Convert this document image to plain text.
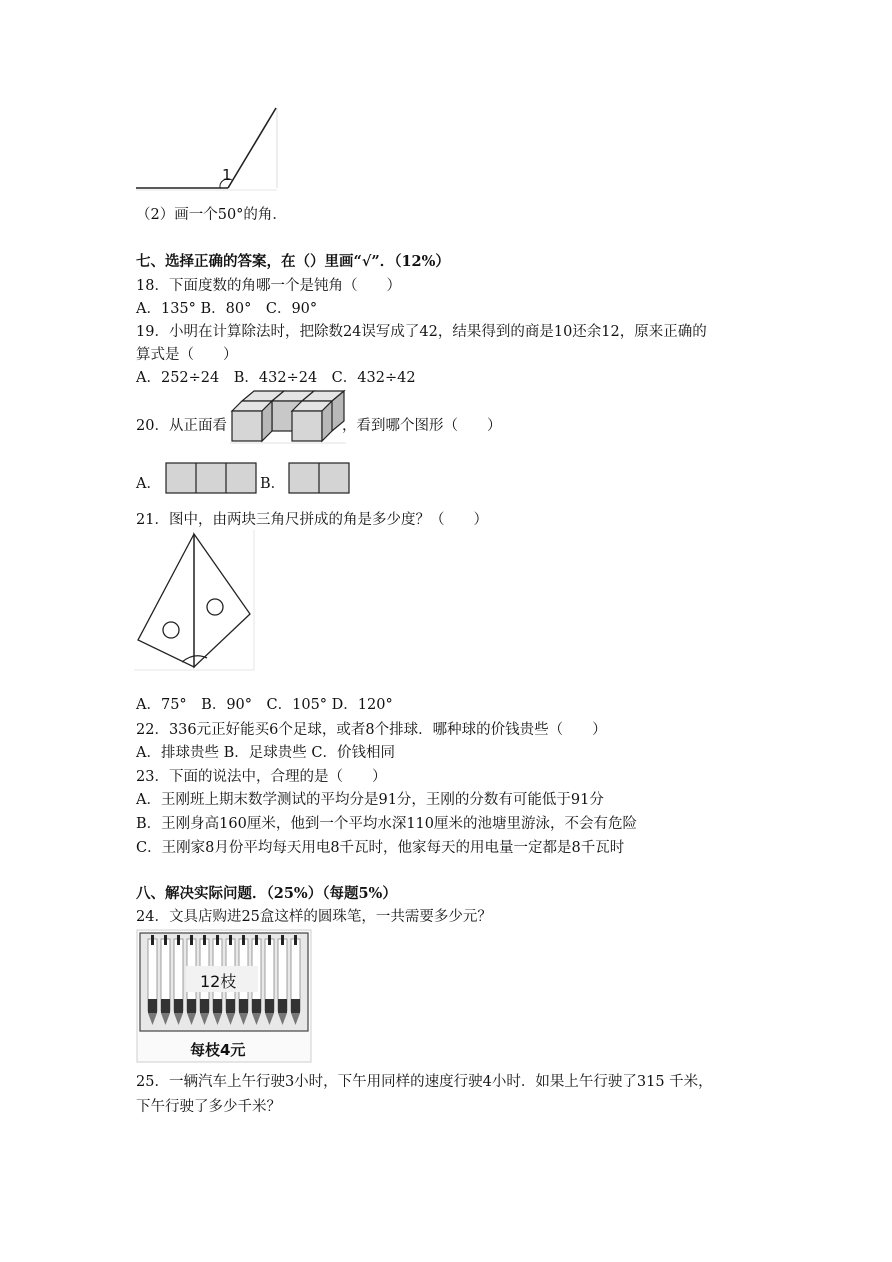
1
（2）画一个50°的角．
七、选择正确的答案，在（）里画“√”．（12%）
18．下面度数的角哪一个是钝角（　　）
A．135° B．80°　C．90°
19．小明在计算除法时，把除数24误写成了42，结果得到的商是10还余12，原来正确的
算式是（　　）
A．252÷24　B．432÷24　C．432÷42
20．从正面看	，看到哪个图形（　　）
A．	B．
21．图中，由两块三角尺拼成的角是多少度？（　　）
A．75°　B．90°　C．105° D．120°
22．336元正好能买6个足球，或者8个排球．哪种球的价钱贵些（　　）
A．排球贵些 B．足球贵些 C．价钱相同
23．下面的说法中，合理的是（　　）
A．王刚班上期末数学测试的平均分是91分，王刚的分数有可能低于91分
B．王刚身高160厘米，他到一个平均水深110厘米的池塘里游泳，不会有危险
C．王刚家8月份平均每天用电8千瓦时，他家每天的用电量一定都是8千瓦时
八、解决实际问题．（25%）（每题5%）
24．文具店购进25盒这样的圆珠笔，一共需要多少元？
12枝
每枝4元
25．一辆汽车上午行驶3小时，下午用同样的速度行驶4小时．如果上午行驶了315 千米，
下午行驶了多少千米？
